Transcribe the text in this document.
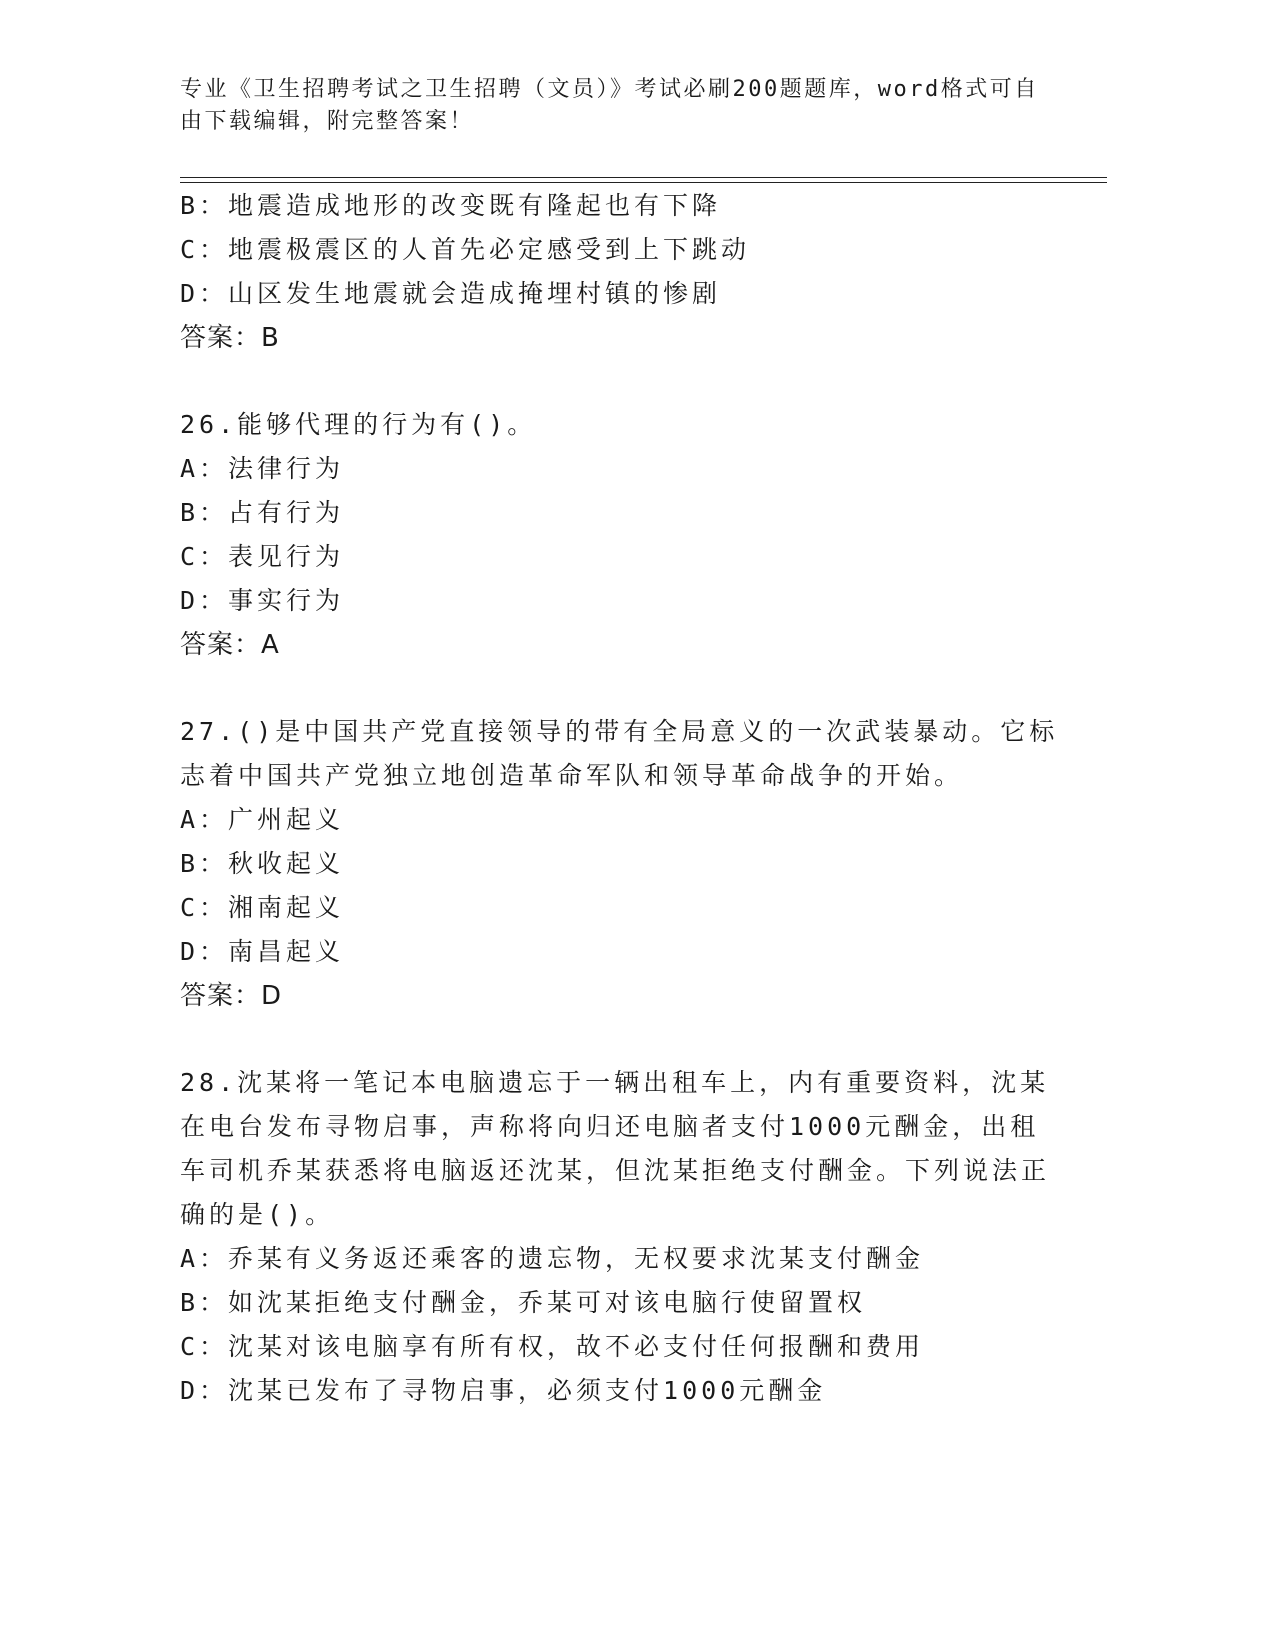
专业《卫生招聘考试之卫生招聘（文员）》考试必刷200题题库，word格式可自由下载编辑，附完整答案！
B：地震造成地形的改变既有隆起也有下降
C：地震极震区的人首先必定感受到上下跳动
D：山区发生地震就会造成掩埋村镇的惨剧
答案：B
26.能够代理的行为有()。
A：法律行为
B：占有行为
C：表见行为
D：事实行为
答案：A
27.()是中国共产党直接领导的带有全局意义的一次武装暴动。它标志着中国共产党独立地创造革命军队和领导革命战争的开始。
A：广州起义
B：秋收起义
C：湘南起义
D：南昌起义
答案：D
28.沈某将一笔记本电脑遗忘于一辆出租车上，内有重要资料，沈某在电台发布寻物启事，声称将向归还电脑者支付1000元酬金，出租车司机乔某获悉将电脑返还沈某，但沈某拒绝支付酬金。下列说法正确的是()。
A：乔某有义务返还乘客的遗忘物，无权要求沈某支付酬金
B：如沈某拒绝支付酬金，乔某可对该电脑行使留置权
C：沈某对该电脑享有所有权，故不必支付任何报酬和费用
D：沈某已发布了寻物启事，必须支付1000元酬金
